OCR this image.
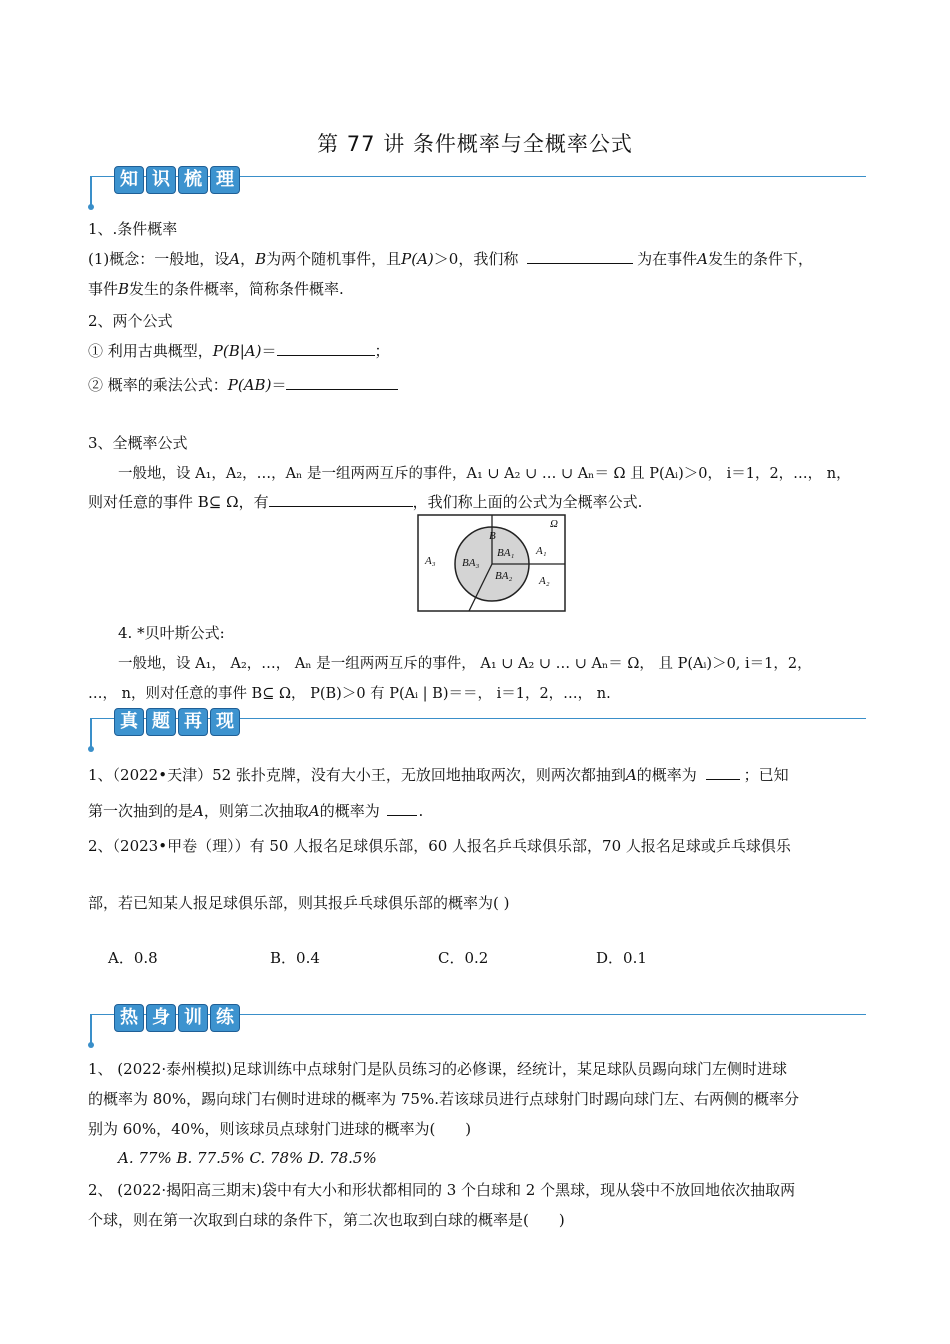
第 77 讲 条件概率与全概率公式
知 识 梳 理
1、.条件概率
(1)概念：一般地，设A，B为两个随机事件，且P(A)＞0，我们称	为在事件A发生的条件下，
事件B发生的条件概率，简称条件概率.
2、两个公式
① 利用古典概型，P(B|A)＝	；
② 概率的乘法公式：P(AB)＝
3、全概率公式
一般地，设 A₁，A₂，…，Aₙ 是一组两两互斥的事件，A₁ ∪ A₂ ∪ … ∪ Aₙ＝ Ω 且 P(Aᵢ)＞0， i＝1，2，…， n，
则对任意的事件 B⊆ Ω，有	，我们称上面的公式为全概率公式.
Ω
A₃
B
BA₁ A₁
BA₃
BA₂ A₂
4. *贝叶斯公式:
一般地，设 A₁， A₂，…， Aₙ 是一组两两互斥的事件， A₁ ∪ A₂ ∪ … ∪ Aₙ＝ Ω， 且 P(Aᵢ)＞0, i＝1，2，
…， n，则对任意的事件 B⊆ Ω， P(B)＞0 有 P(Aᵢ | B)＝＝， i＝1，2，…， n.
真 题 再 现
1、（2022•天津）52 张扑克牌，没有大小王，无放回地抽取两次，则两次都抽到A的概率为	；已知
第一次抽到的是A，则第二次抽取A的概率为	.
2、（2023•甲卷（理））有 50 人报名足球俱乐部，60 人报名乒乓球俱乐部，70 人报名足球或乒乓球俱乐
部，若已知某人报足球俱乐部，则其报乒乓球俱乐部的概率为( )
A．0.8	B．0.4	C．0.2	D．0.1
热 身 训 练
1、 (2022·泰州模拟)足球训练中点球射门是队员练习的必修课，经统计，某足球队员踢向球门左侧时进球
的概率为 80%，踢向球门右侧时进球的概率为 75%.若该球员进行点球射门时踢向球门左、右两侧的概率分
别为 60%，40%，则该球员点球射门进球的概率为(　　)
A. 77% B. 77.5% C. 78% D. 78.5%
2、 (2022·揭阳高三期末)袋中有大小和形状都相同的 3 个白球和 2 个黑球，现从袋中不放回地依次抽取两
个球，则在第一次取到白球的条件下，第二次也取到白球的概率是(　　)
